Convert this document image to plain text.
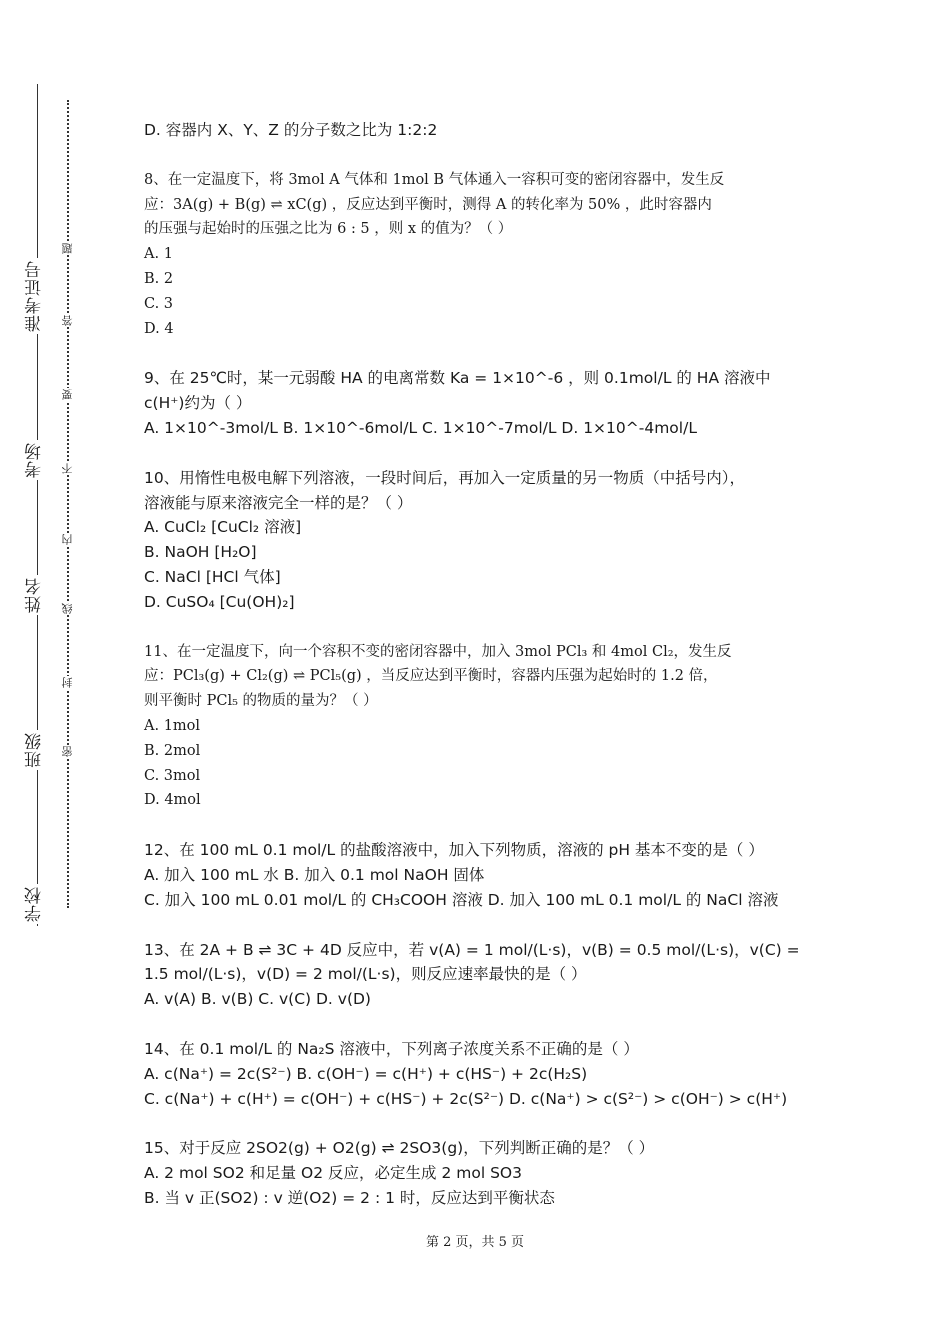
准考证号
考场
姓名
班级
学校
题
答
要
不
内
线
封
密
D. 容器内 X、Y、Z 的分子数之比为 1:2:2
8、在一定温度下，将 3mol A 气体和 1mol B 气体通入一容积可变的密闭容器中，发生反
应：3A(g) + B(g) ⇌ xC(g) ，反应达到平衡时，测得 A 的转化率为 50% ，此时容器内
的压强与起始时的压强之比为 6 : 5 ，则 x 的值为？（ ）
A. 1
B. 2
C. 3
D. 4
9、在 25℃时，某一元弱酸 HA 的电离常数 Ka = 1×10^-6 ，则 0.1mol/L 的 HA 溶液中
c(H⁺)约为（ ）
A. 1×10^-3mol/L B. 1×10^-6mol/L C. 1×10^-7mol/L D. 1×10^-4mol/L
10、用惰性电极电解下列溶液，一段时间后，再加入一定质量的另一物质（中括号内），
溶液能与原来溶液完全一样的是？（ ）
A. CuCl₂ [CuCl₂ 溶液]
B. NaOH [H₂O]
C. NaCl [HCl 气体]
D. CuSO₄ [Cu(OH)₂]
11、在一定温度下，向一个容积不变的密闭容器中，加入 3mol PCl₃ 和 4mol Cl₂，发生反
应：PCl₃(g) + Cl₂(g) ⇌ PCl₅(g) ，当反应达到平衡时，容器内压强为起始时的 1.2 倍，
则平衡时 PCl₅ 的物质的量为？（ ）
A. 1mol
B. 2mol
C. 3mol
D. 4mol
12、在 100 mL 0.1 mol/L 的盐酸溶液中，加入下列物质，溶液的 pH 基本不变的是（ ）
A. 加入 100 mL 水 B. 加入 0.1 mol NaOH 固体
C. 加入 100 mL 0.01 mol/L 的 CH₃COOH 溶液 D. 加入 100 mL 0.1 mol/L 的 NaCl 溶液
13、在 2A + B ⇌ 3C + 4D 反应中，若 v(A) = 1 mol/(L·s)，v(B) = 0.5 mol/(L·s)，v(C) =
1.5 mol/(L·s)，v(D) = 2 mol/(L·s)，则反应速率最快的是（ ）
A. v(A) B. v(B) C. v(C) D. v(D)
14、在 0.1 mol/L 的 Na₂S 溶液中，下列离子浓度关系不正确的是（ ）
A. c(Na⁺) = 2c(S²⁻) B. c(OH⁻) = c(H⁺) + c(HS⁻) + 2c(H₂S)
C. c(Na⁺) + c(H⁺) = c(OH⁻) + c(HS⁻) + 2c(S²⁻) D. c(Na⁺) > c(S²⁻) > c(OH⁻) > c(H⁺)
15、对于反应 2SO2(g) + O2(g) ⇌ 2SO3(g)，下列判断正确的是？（ ）
A. 2 mol SO2 和足量 O2 反应，必定生成 2 mol SO3
B. 当 v 正(SO2) : v 逆(O2) = 2 : 1 时，反应达到平衡状态
第 2 页，共 5 页
